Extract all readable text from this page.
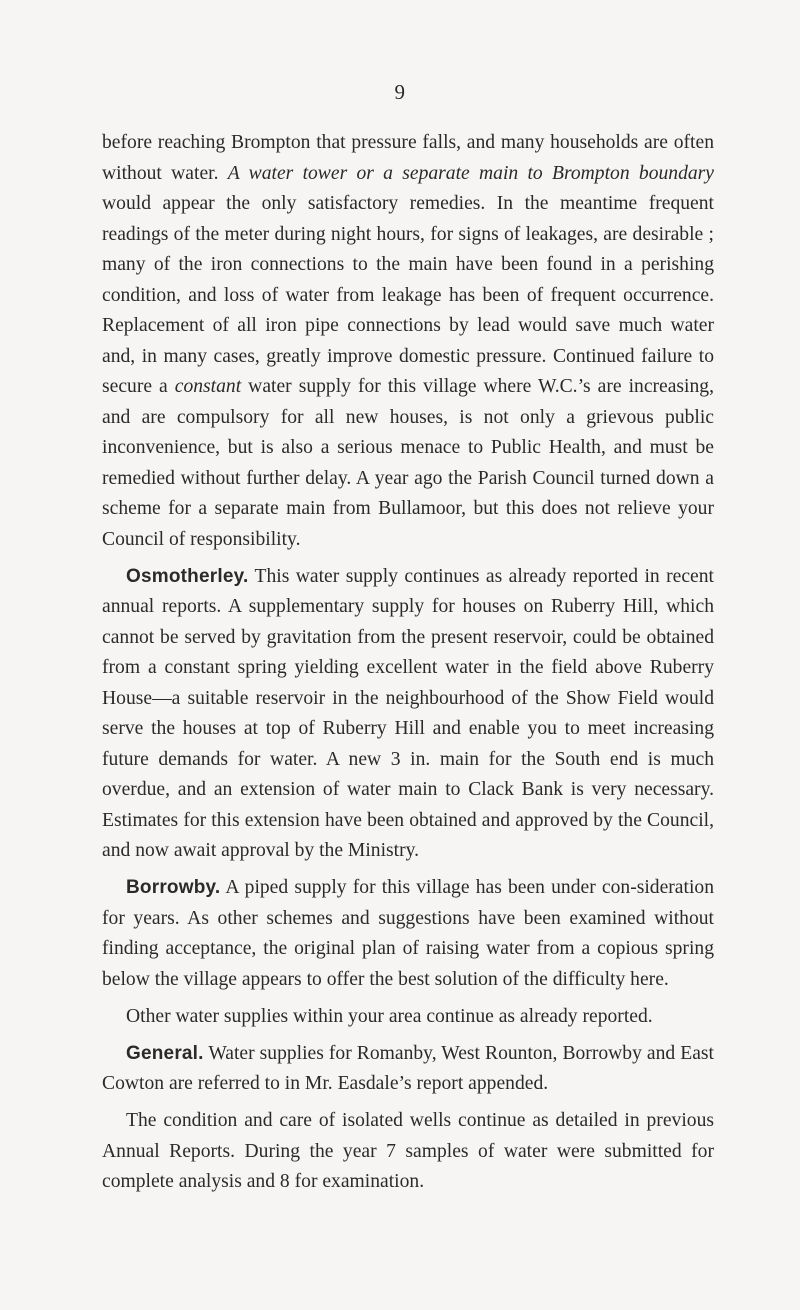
9

before reaching Brompton that pressure falls, and many households are often without water. A water tower or a separate main to Brompton boundary would appear the only satisfactory remedies. In the meantime frequent readings of the meter during night hours, for signs of leakages, are desirable ; many of the iron connections to the main have been found in a perishing condition, and loss of water from leakage has been of frequent occurrence. Replacement of all iron pipe connections by lead would save much water and, in many cases, greatly improve domestic pressure. Continued failure to secure a constant water supply for this village where W.C.’s are increasing, and are compulsory for all new houses, is not only a grievous public inconvenience, but is also a serious menace to Public Health, and must be remedied without further delay. A year ago the Parish Council turned down a scheme for a separate main from Bullamoor, but this does not relieve your Council of responsibility.

Osmotherley. This water supply continues as already reported in recent annual reports. A supplementary supply for houses on Ruberry Hill, which cannot be served by gravitation from the present reservoir, could be obtained from a constant spring yielding excellent water in the field above Ruberry House—a suitable reservoir in the neighbourhood of the Show Field would serve the houses at top of Ruberry Hill and enable you to meet increasing future demands for water. A new 3 in. main for the South end is much overdue, and an extension of water main to Clack Bank is very necessary. Estimates for this extension have been obtained and approved by the Council, and now await approval by the Ministry.

Borrowby. A piped supply for this village has been under con-sideration for years. As other schemes and suggestions have been examined without finding acceptance, the original plan of raising water from a copious spring below the village appears to offer the best solution of the difficulty here.

Other water supplies within your area continue as already reported.

General. Water supplies for Romanby, West Rounton, Borrowby and East Cowton are referred to in Mr. Easdale’s report appended.

The condition and care of isolated wells continue as detailed in previous Annual Reports. During the year 7 samples of water were submitted for complete analysis and 8 for examination.
